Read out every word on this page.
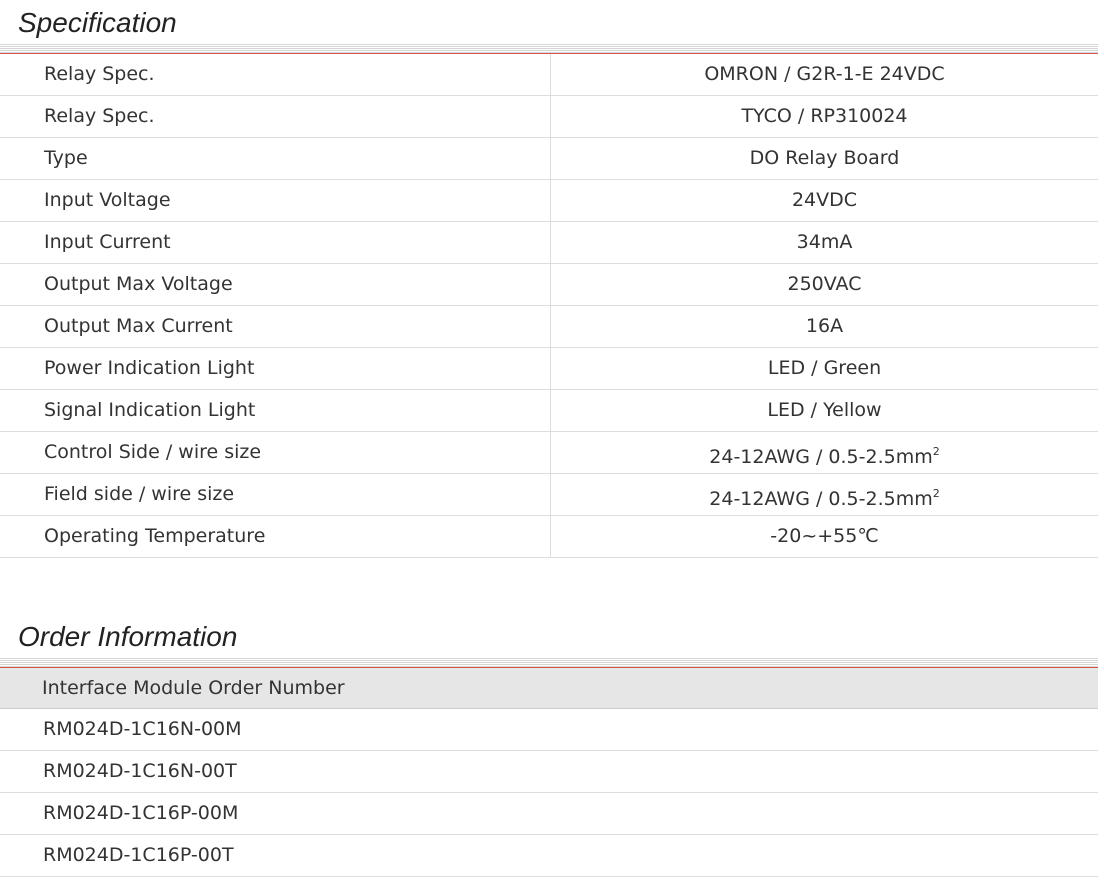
Specification
Relay Spec.	OMRON / G2R-1-E 24VDC
Relay Spec.	TYCO / RP310024
Type	DO Relay Board
Input Voltage	24VDC
Input Current	34mA
Output Max Voltage	250VAC
Output Max Current	16A
Power Indication Light	LED / Green
Signal Indication Light	LED / Yellow
Control Side / wire size	$24-12AWG / 0.5-2.5mm^2$
Field side / wire size	$24-12AWG / 0.5-2.5mm^2$
Operating Temperature	-20~+55℃
Order Information
Interface Module Order Number
RM024D-1C16N-00M
RM024D-1C16N-00T
RM024D-1C16P-00M
RM024D-1C16P-00T
